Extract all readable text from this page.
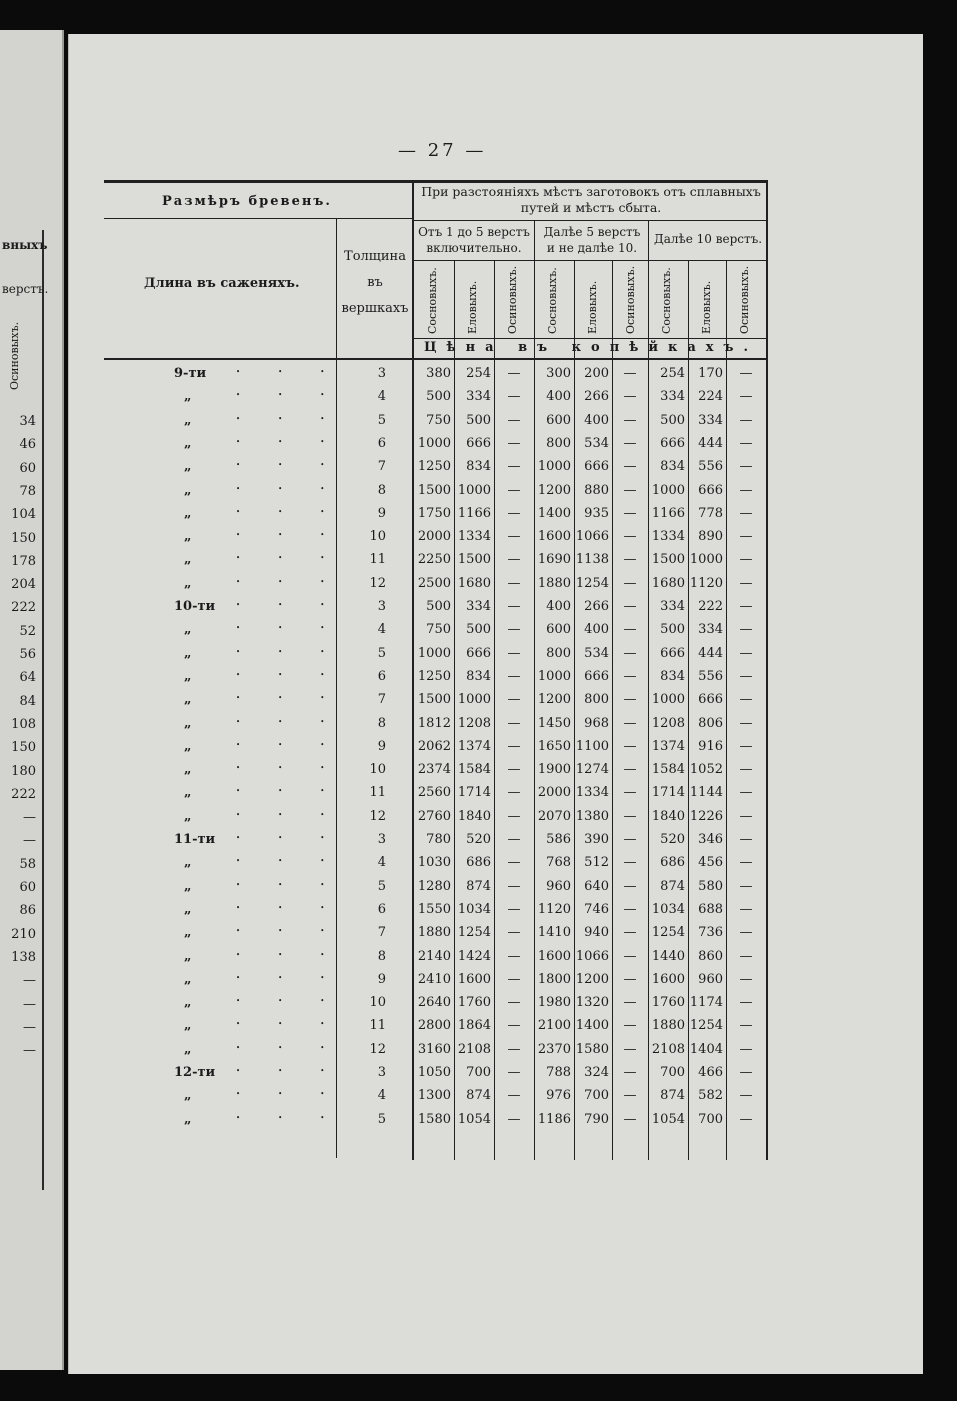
вныхъ
верстъ.
Осиновыхъ.
34
46
60
78
104
150
178
204
222
52
56
64
84
108
150
180
222
—
—
58
60
86
210
138
—
—
—
—
— 27 —
Размѣръ бревенъ.
Длина въ саженяхъ.
Толщина въ вершкахъ
При разстояніяхъ мѣстъ заготовокъ отъ сплавныхъ путей и мѣстъ сбыта.
Отъ 1 до 5 верстъ включительно.
Далѣе 5 верстъ и не далѣе 10.
Далѣе 10 верстъ.
Сосновыхъ. Еловыхъ. Осиновыхъ. Сосновыхъ. Еловыхъ. Осиновыхъ. Сосновыхъ. Еловыхъ. Осиновыхъ.
Цѣна въ копѣйкахъ.
9-ти	•••	3	380	254	—	300	200	—	254	170	—
„	•••	4	500	334	—	400	266	—	334	224	—
„	•••	5	750	500	—	600	400	—	500	334	—
„	•••	6	1000	666	—	800	534	—	666	444	—
„	•••	7	1250	834	—	1000	666	—	834	556	—
„	•••	8	1500 1000	—	1200	880	—	1000	666	—
„	•••	9	1750 1166	—	1400	935	—	1166	778	—
„	••• 10	2000 1334	—	1600 1066	—	1334	890	—
„	••• 11	2250 1500	—	1690 1138	—	1500 1000	—
„	••• 12	2500 1680	—	1880 1254	—	1680 1120	—
10-ти	•••	3	500	334	—	400	266	—	334	222	—
„	•••	4	750	500	—	600	400	—	500	334	—
„	•••	5	1000	666	—	800	534	—	666	444	—
„	•••	6	1250	834	—	1000	666	—	834	556	—
„	•••	7	1500 1000	—	1200	800	—	1000	666	—
„	•••	8	1812 1208	—	1450	968	—	1208	806	—
„	•••	9	2062 1374	—	1650 1100	—	1374	916	—
„	••• 10	2374 1584	—	1900 1274	—	1584 1052	—
„	••• 11	2560 1714	—	2000 1334	—	1714 1144	—
„	••• 12	2760 1840	—	2070 1380	—	1840 1226	—
11-ти	•••	3	780	520	—	586	390	—	520	346	—
„	•••	4	1030	686	—	768	512	—	686	456	—
„	•••	5	1280	874	—	960	640	—	874	580	—
„	•••	6	1550 1034	—	1120	746	—	1034	688	—
„	•••	7	1880 1254	—	1410	940	—	1254	736	—
„	•••	8	2140 1424	—	1600 1066	—	1440	860	—
„	•••	9	2410 1600	—	1800 1200	—	1600	960	—
„	••• 10	2640 1760	—	1980 1320	—	1760 1174	—
„	••• 11	2800 1864	—	2100 1400	—	1880 1254	—
„	••• 12	3160 2108	—	2370 1580	—	2108 1404	—
12-ти	•••	3	1050	700	—	788	324	—	700	466	—
„	•••	4	1300	874	—	976	700	—	874	582	—
„	•••	5	1580 1054	—	1186	790	—	1054	700	—
